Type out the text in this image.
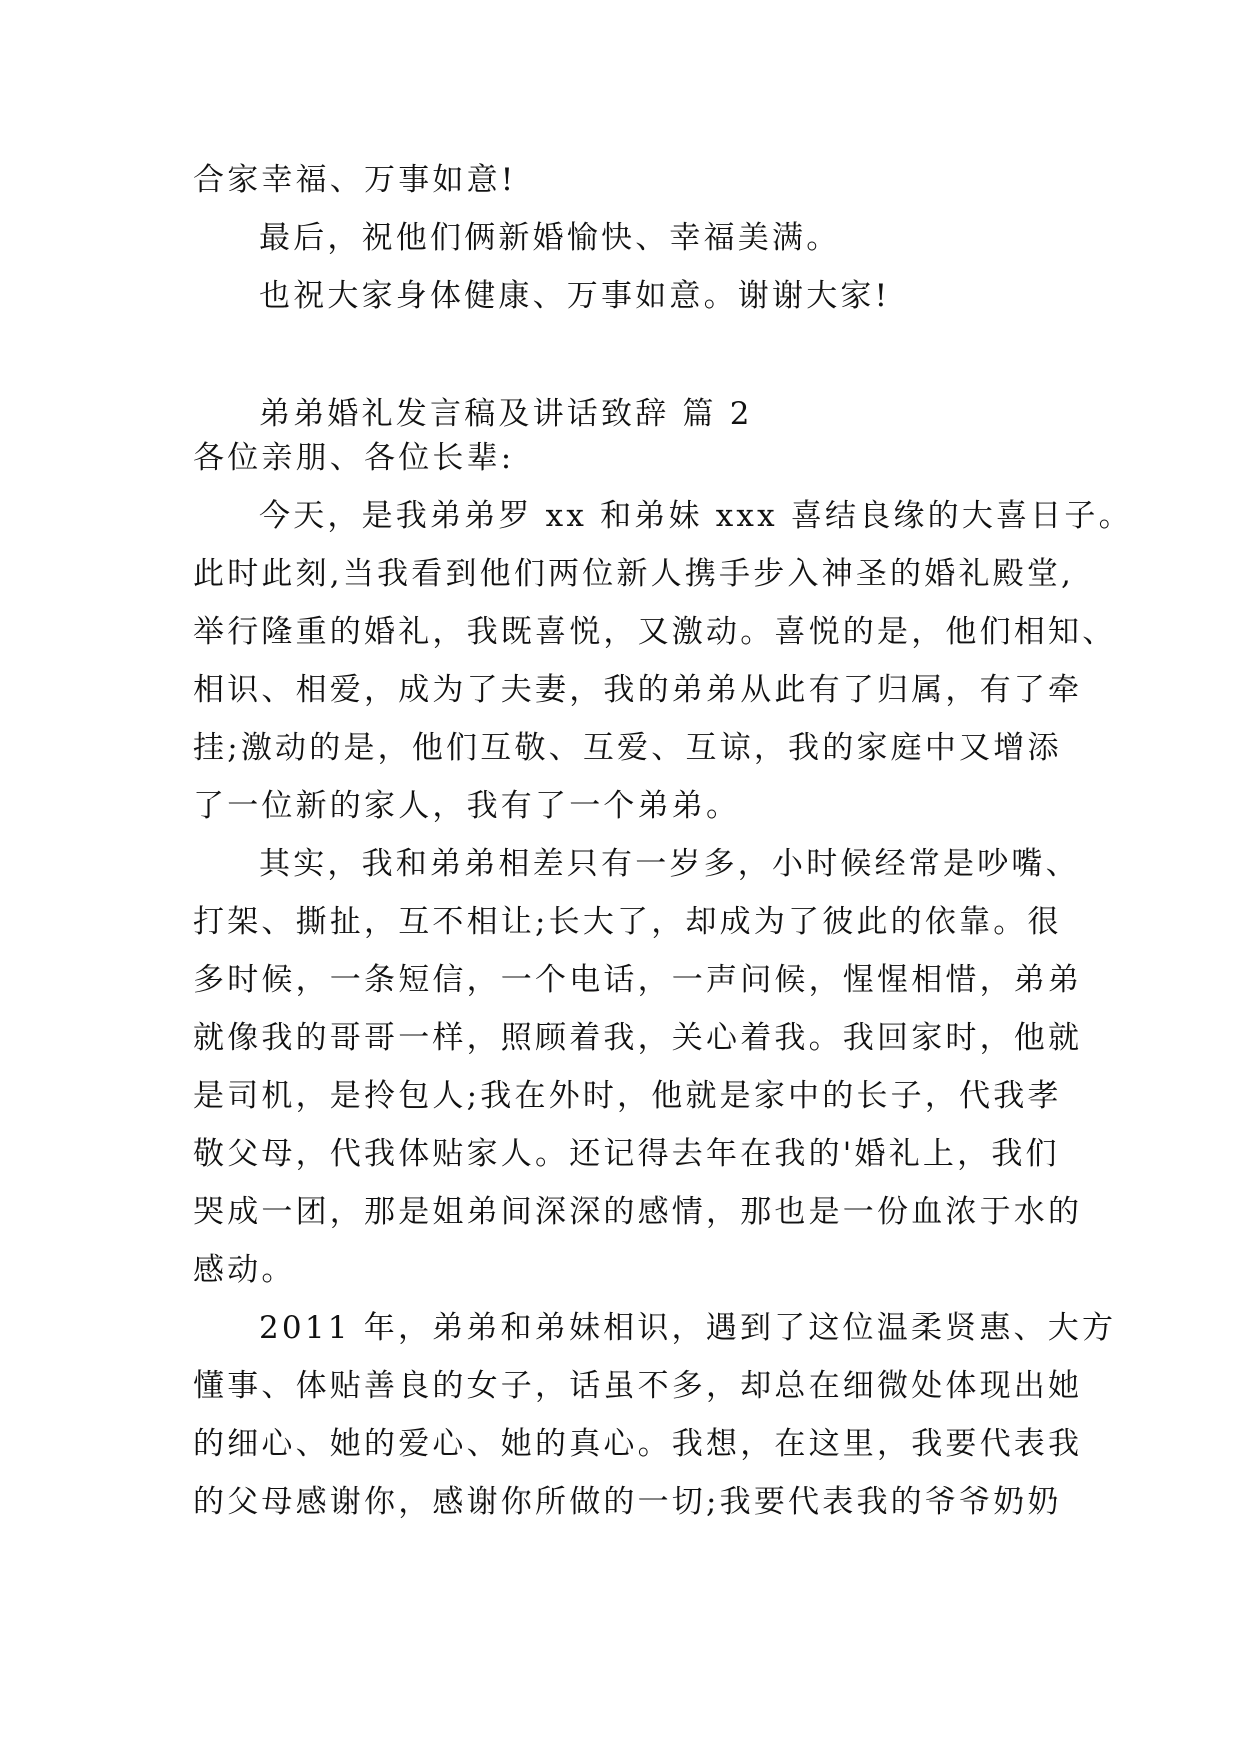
合家幸福、万事如意!

最后，祝他们俩新婚愉快、幸福美满。

也祝大家身体健康、万事如意。谢谢大家!

弟弟婚礼发言稿及讲话致辞 篇 2

各位亲朋、各位长辈:

今天，是我弟弟罗 xx 和弟妹 xxx 喜结良缘的大喜日子。

此时此刻,当我看到他们两位新人携手步入神圣的婚礼殿堂,

举行隆重的婚礼，我既喜悦，又激动。喜悦的是，他们相知、

相识、相爱，成为了夫妻，我的弟弟从此有了归属，有了牵

挂;激动的是，他们互敬、互爱、互谅，我的家庭中又增添

了一位新的家人，我有了一个弟弟。

其实，我和弟弟相差只有一岁多，小时候经常是吵嘴、

打架、撕扯，互不相让;长大了，却成为了彼此的依靠。很

多时候，一条短信，一个电话，一声问候，惺惺相惜，弟弟

就像我的哥哥一样，照顾着我，关心着我。我回家时，他就

是司机，是拎包人;我在外时，他就是家中的长子，代我孝

敬父母，代我体贴家人。还记得去年在我的'婚礼上，我们

哭成一团，那是姐弟间深深的感情，那也是一份血浓于水的

感动。

2011 年，弟弟和弟妹相识，遇到了这位温柔贤惠、大方

懂事、体贴善良的女子，话虽不多，却总在细微处体现出她

的细心、她的爱心、她的真心。我想，在这里，我要代表我

的父母感谢你，感谢你所做的一切;我要代表我的爷爷奶奶
